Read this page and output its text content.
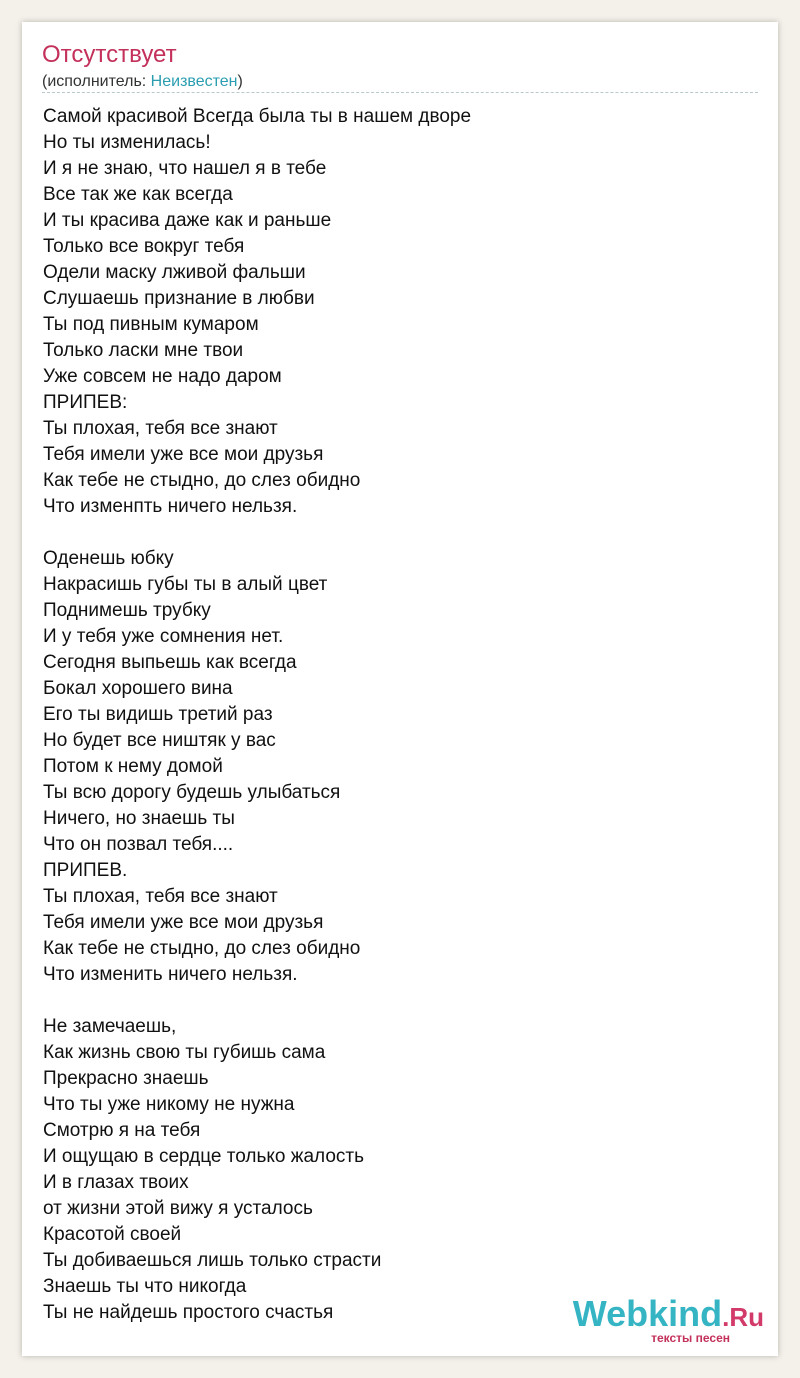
Отсутствует
(исполнитель: Неизвестен)
Самой красивой Всегда была ты в нашем дворе
Но ты изменилась!
И я не знаю, что нашел я в тебе
Все так же как всегда
И ты красива даже как и раньше
Только все вокруг тебя
Одели маску лживой фальши
Слушаешь признание в любви
Ты под пивным кумаром
Только ласки мне твои
Уже совсем не надо даром
ПРИПЕВ:
Ты плохая, тебя все знают
Тебя имели уже все мои друзья
Как тебе не стыдно, до слез обидно
Что изменпть ничего нельзя.
Оденешь юбку
Накрасишь губы ты в алый цвет
Поднимешь трубку
И у тебя уже сомнения нет.
Сегодня выпьешь как всегда
Бокал хорошего вина
Его ты видишь третий раз
Но будет все ништяк у вас
Потом к нему домой
Ты всю дорогу будешь улыбаться
Ничего, но знаешь ты
Что он позвал тебя....
ПРИПЕВ.
Ты плохая, тебя все знают
Тебя имели уже все мои друзья
Как тебе не стыдно, до слез обидно
Что изменить ничего нельзя.
Не замечаешь,
Как жизнь свою ты губишь сама
Прекрасно знаешь
Что ты уже никому не нужна
Смотрю я на тебя
И ощущаю в сердце только жалость
И в глазах твоих
от жизни этой вижу я усталось
Красотой своей
Ты добиваешься лишь только страсти
Знаешь ты что никогда
Ты не найдешь простого счастья	Webkind.Ru
тексты песен
